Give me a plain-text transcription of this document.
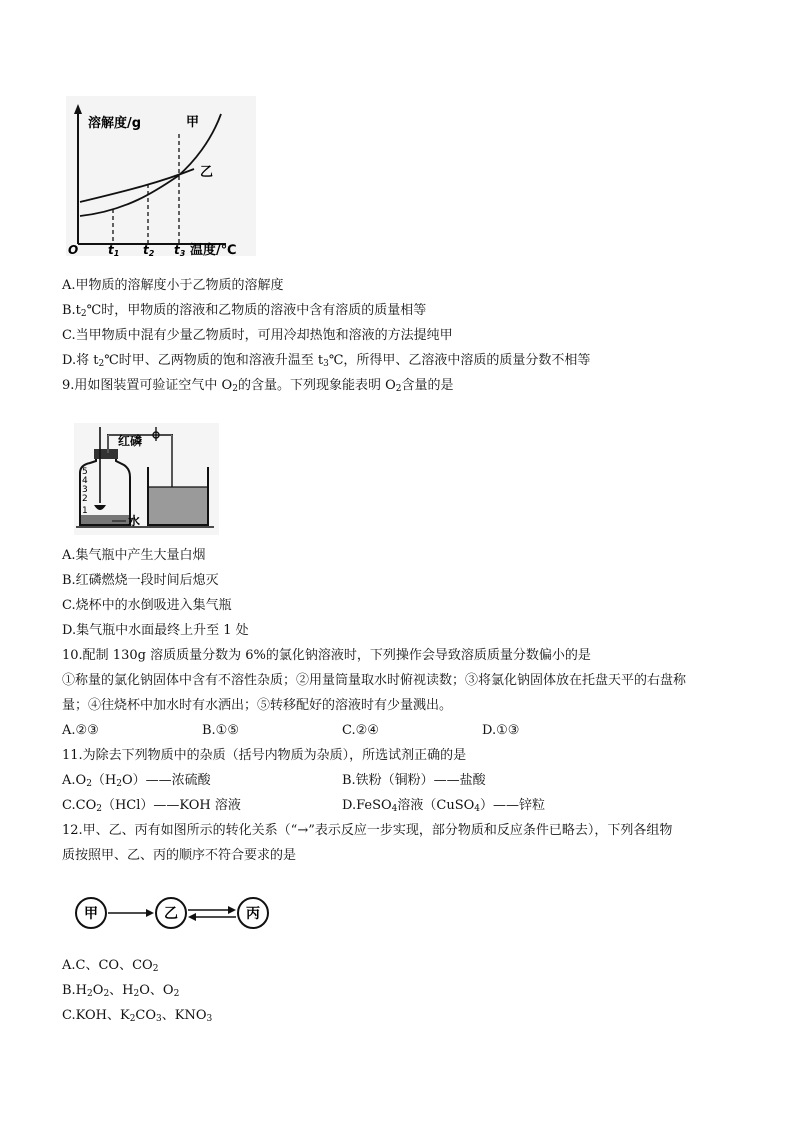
溶解度/g
温度/℃
O t1 t2 t3
甲
乙
A.甲物质的溶解度小于乙物质的溶解度
$B.t_2℃$时，甲物质的溶液和乙物质的溶液中含有溶质的质量相等
C.当甲物质中混有少量乙物质时，可用冷却热饱和溶液的方法提纯甲
D.将 $t_2℃$时甲、乙两物质的饱和溶液升温至 $t_3℃$，所得甲、乙溶液中溶质的质量分数不相等
9.用如图装置可验证空气中 $O_2$的含量。下列现象能表明 $O_2$含量的是
5
4
3
2
1
红磷
水
A.集气瓶中产生大量白烟
B.红磷燃烧一段时间后熄灭
C.烧杯中的水倒吸进入集气瓶
D.集气瓶中水面最终上升至 1 处
10.配制 130g 溶质质量分数为 6%的氯化钠溶液时，下列操作会导致溶质质量分数偏小的是
①称量的氯化钠固体中含有不溶性杂质；②用量筒量取水时俯视读数；③将氯化钠固体放在托盘天平的右盘称
量；④往烧杯中加水时有水洒出；⑤转移配好的溶液时有少量溅出。
A.②③	B.①⑤	C.②④	D.①③
11.为除去下列物质中的杂质（括号内物质为杂质），所选试剂正确的是
$A.O_2(H_2O)——$浓硫酸	B.铁粉（铜粉）——盐酸
$C.CO_2(HCl)——KOH$ 溶液	D.FeSO$_4$溶液（CuSO$_4$）——锌粒
12.甲、乙、丙有如图所示的转化关系（“→”表示反应一步实现，部分物质和反应条件已略去），下列各组物
质按照甲、乙、丙的顺序不符合要求的是
甲	乙	丙
A.C、CO、$CO_2$
$B.H_2O_2$、$H_2O$、$O_2$
C.KOH、$K_2CO_3$、$KNO_3$
